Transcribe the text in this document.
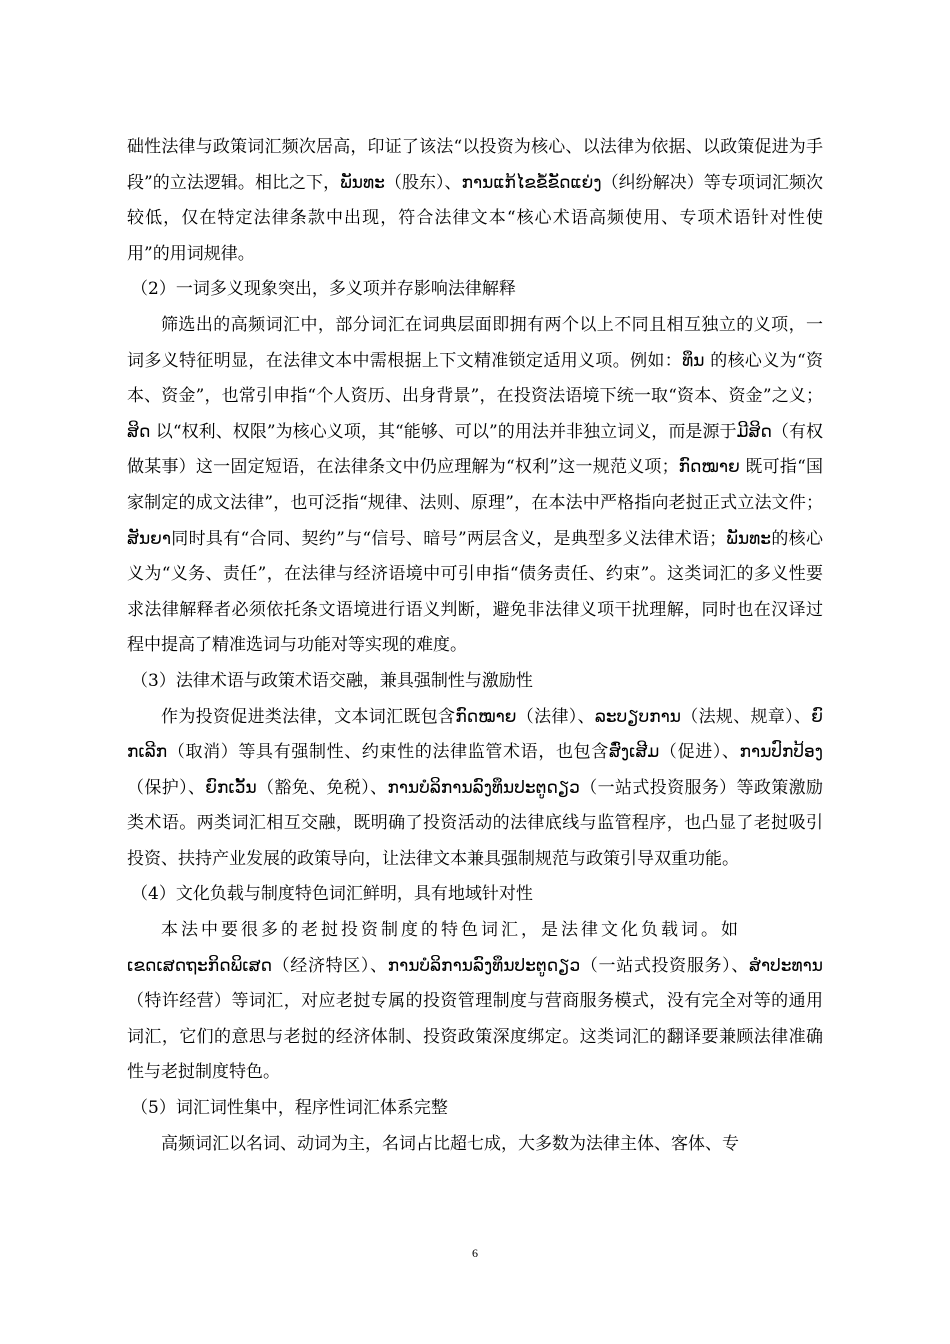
础性法律与政策词汇频次居高，印证了该法“以投资为核心、以法律为依据、以政策促进为手段”的立法逻辑。相比之下，ພັນທະ（股东）、ການແກ້ໄຂຂໍ້ຂັດແຍ່ງ（纠纷解决）等专项词汇频次较低，仅在特定法律条款中出现，符合法律文本“核心术语高频使用、专项术语针对性使用”的用词规律。

（2）一词多义现象突出，多义项并存影响法律解释

筛选出的高频词汇中，部分词汇在词典层面即拥有两个以上不同且相互独立的义项，一词多义特征明显，在法律文本中需根据上下文精准锁定适用义项。例如：ທຶນ 的核心义为“资本、资金”，也常引申指“个人资历、出身背景”，在投资法语境下统一取“资本、资金”之义；ສິດ 以“权利、权限”为核心义项，其“能够、可以”的用法并非独立词义，而是源于ມີສິດ（有权做某事）这一固定短语，在法律条文中仍应理解为“权利”这一规范义项；ກົດໝາຍ 既可指“国家制定的成文法律”，也可泛指“规律、法则、原理”，在本法中严格指向老挝正式立法文件；ສັນຍາ同时具有“合同、契约”与“信号、暗号”两层含义，是典型多义法律术语；ພັນທະ的核心义为“义务、责任”，在法律与经济语境中可引申指“债务责任、约束”。这类词汇的多义性要求法律解释者必须依托条文语境进行语义判断，避免非法律义项干扰理解，同时也在汉译过程中提高了精准选词与功能对等实现的难度。

（3）法律术语与政策术语交融，兼具强制性与激励性

作为投资促进类法律，文本词汇既包含ກົດໝາຍ（法律）、ລະບຽບການ（法规、规章）、ຍົກເລີກ（取消）等具有强制性、约束性的法律监管术语，也包含ສົ່ງເສີມ（促进）、ການປົກປ້ອງ（保护）、ຍົກເວັ້ນ（豁免、免税）、ການບໍລິການລົງທຶນປະຕູດຽວ（一站式投资服务）等政策激励类术语。两类词汇相互交融，既明确了投资活动的法律底线与监管程序，也凸显了老挝吸引投资、扶持产业发展的政策导向，让法律文本兼具强制规范与政策引导双重功能。

（4）文化负载与制度特色词汇鲜明，具有地域针对性

本法中要很多的老挝投资制度的特色词汇，是法律文化负载词。如

ເຂດເສດຖະກິດພິເສດ（经济特区）、ການບໍລິການລົງທຶນປະຕູດຽວ（一站式投资服务）、ສໍາປະທານ（特许经营）等词汇，对应老挝专属的投资管理制度与营商服务模式，没有完全对等的通用词汇，它们的意思与老挝的经济体制、投资政策深度绑定。这类词汇的翻译要兼顾法律准确性与老挝制度特色。

（5）词汇词性集中，程序性词汇体系完整

高频词汇以名词、动词为主，名词占比超七成，大多数为法律主体、客体、专

6
